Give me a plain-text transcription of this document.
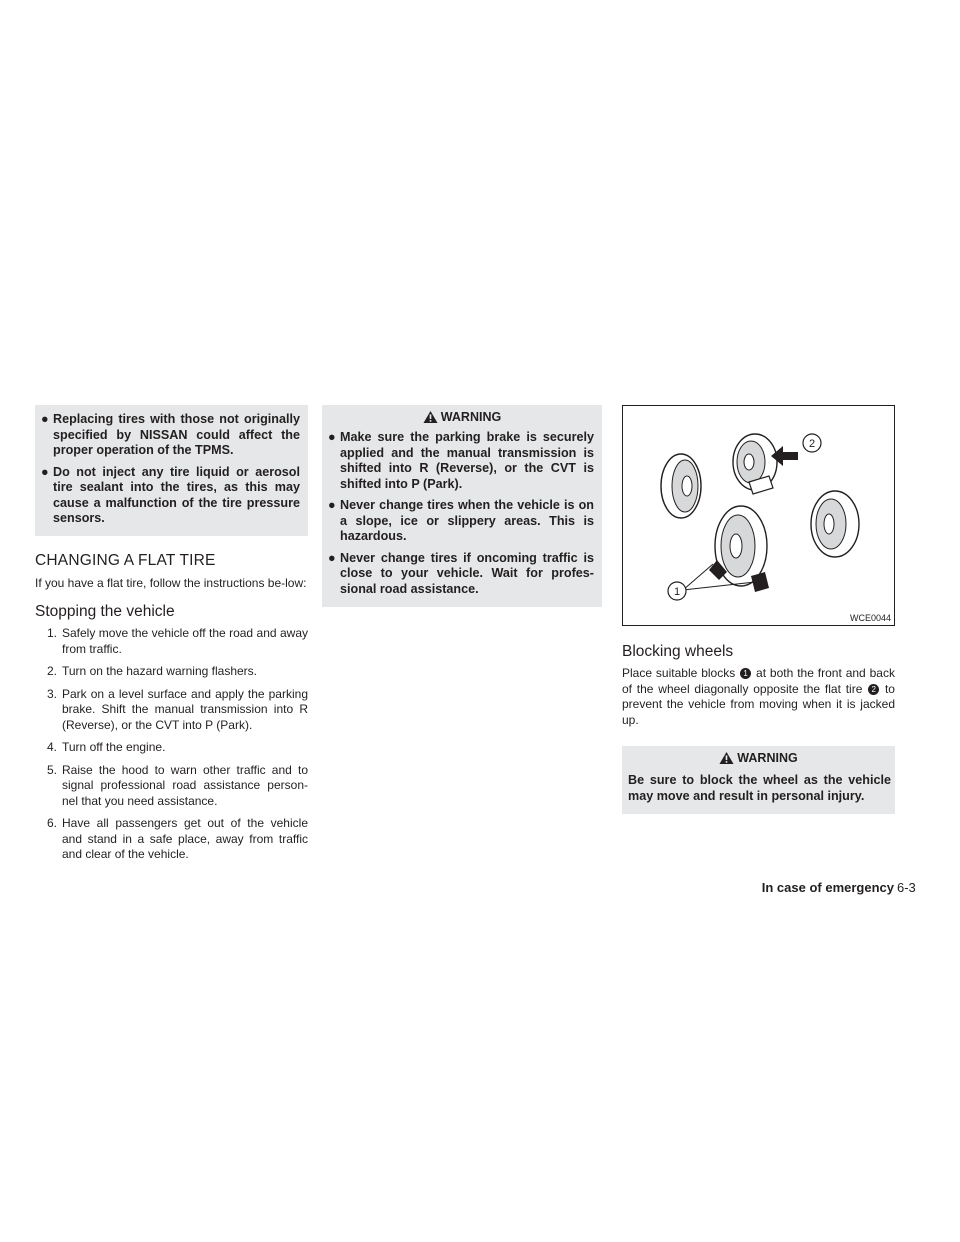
● Replacing tires with those not originally specified by NISSAN could affect the proper operation of the TPMS.
● Do not inject any tire liquid or aerosol tire sealant into the tires, as this may cause a malfunction of the tire pressure sensors.
CHANGING A FLAT TIRE

If you have a flat tire, follow the instructions be-low:

Stopping the vehicle
1. Safely move the vehicle off the road and away from traffic.
2. Turn on the hazard warning flashers.
3. Park on a level surface and apply the parking brake. Shift the manual transmission into R (Reverse), or the CVT into P (Park).
4. Turn off the engine.
5. Raise the hood to warn other traffic and to signal professional road assistance person-nel that you need assistance.
6. Have all passengers get out of the vehicle and stand in a safe place, away from traffic and clear of the vehicle.
WARNING
● Make sure the parking brake is securely applied and the manual transmission is shifted into R (Reverse), or the CVT is shifted into P (Park).
● Never change tires when the vehicle is on a slope, ice or slippery areas. This is hazardous.
● Never change tires if oncoming traffic is close to your vehicle. Wait for profes-sional road assistance.
2
1
WCE0044
Blocking wheels

Place suitable blocks 1 at both the front and back of the wheel diagonally opposite the flat tire 2 to prevent the vehicle from moving when it is jacked up.

WARNING
Be sure to block the wheel as the vehicle may move and result in personal injury.
In case of emergency 6-3
